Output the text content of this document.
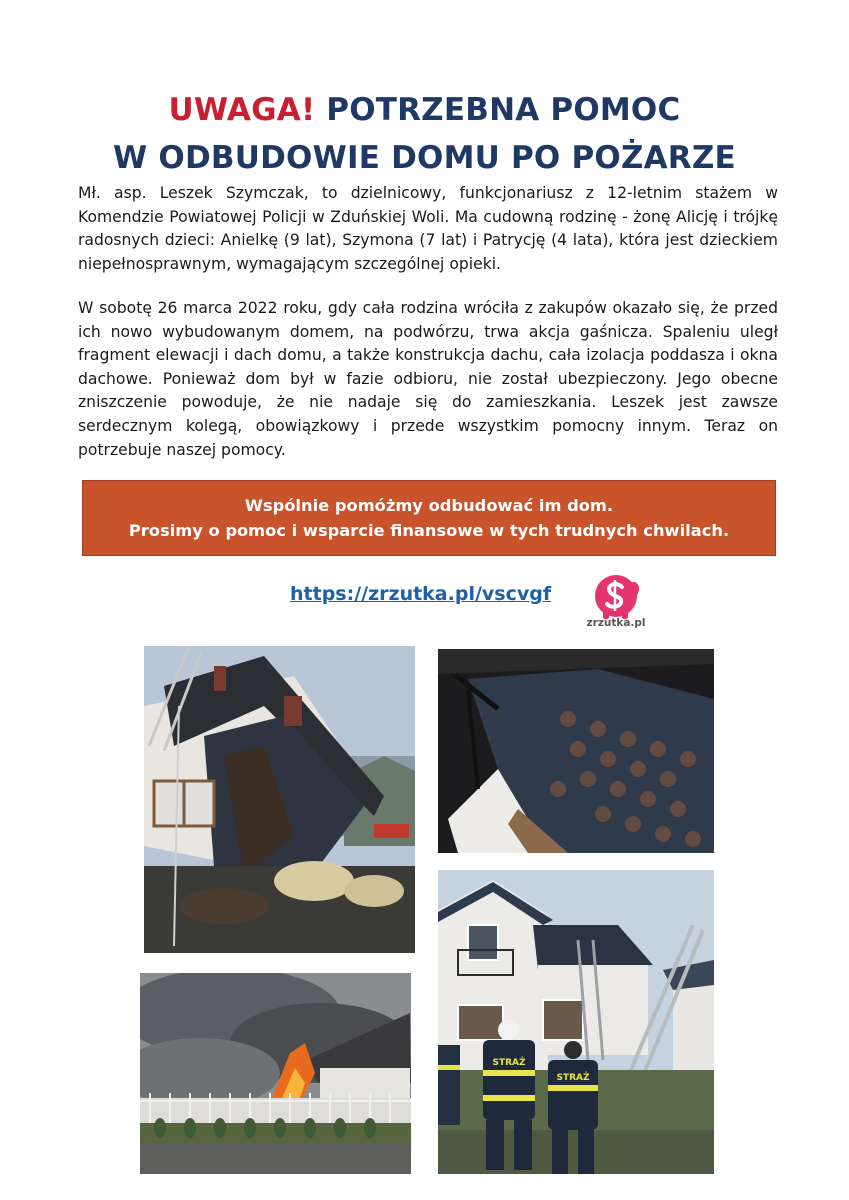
UWAGA! POTRZEBNA POMOC
W ODBUDOWIE DOMU PO POŻARZE

Mł. asp. Leszek Szymczak, to dzielnicowy, funkcjonariusz z 12-letnim stażem w Komendzie Powiatowej Policji w Zduńskiej Woli. Ma cudowną rodzinę - żonę Alicję i trójkę radosnych dzieci: Anielkę (9 lat), Szymona (7 lat) i Patrycję (4 lata), która jest dzieckiem niepełnosprawnym, wymagającym szczególnej opieki.

W sobotę 26 marca 2022 roku, gdy cała rodzina wróciła z zakupów okazało się, że przed ich nowo wybudowanym domem, na podwórzu, trwa akcja gaśnicza. Spaleniu uległ fragment elewacji i dach domu, a także konstrukcja dachu, cała izolacja poddasza i okna dachowe. Ponieważ dom był w fazie odbioru, nie został ubezpieczony. Jego obecne zniszczenie powoduje, że nie nadaje się do zamieszkania. Leszek jest zawsze serdecznym kolegą, obowiązkowy i przede wszystkim pomocny innym. Teraz on potrzebuje naszej pomocy.

Wspólnie pomóżmy odbudować im dom.
Prosimy o pomoc i wsparcie finansowe w tych trudnych chwilach.
https://zrzutka.pl/vscvgf
zrzutka.pl
STRAŻ
STRAŻ
